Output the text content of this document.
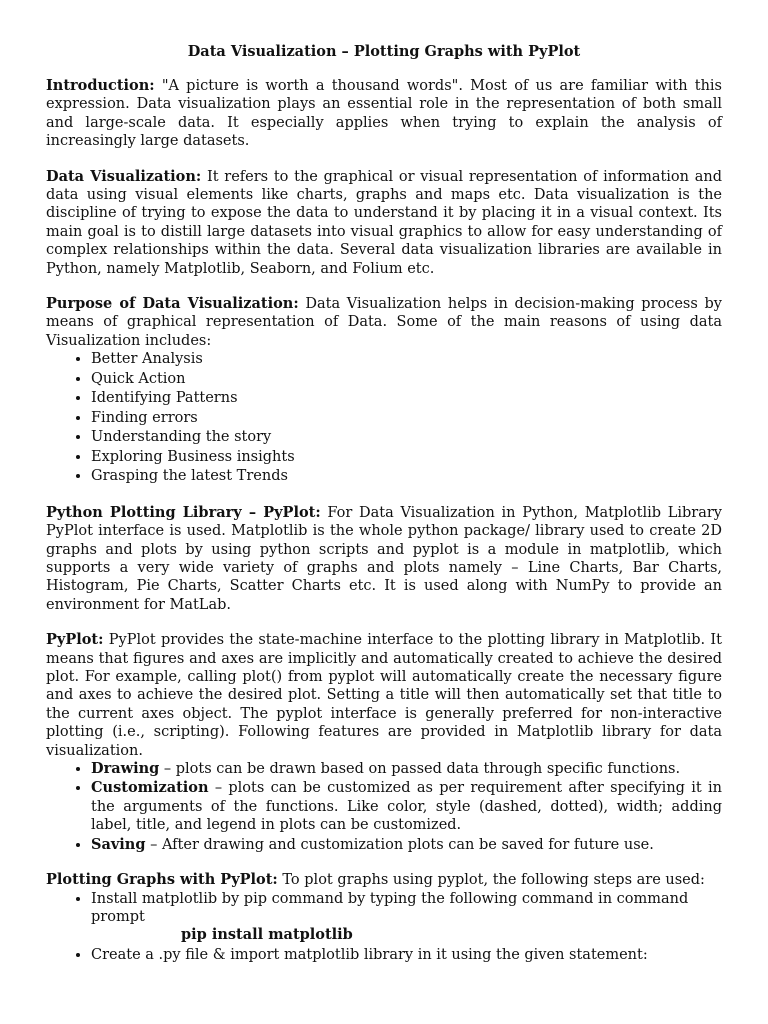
Data Visualization – Plotting Graphs with PyPlot

Introduction: "A picture is worth a thousand words". Most of us are familiar with this expression. Data visualization plays an essential role in the representation of both small and large-scale data. It especially applies when trying to explain the analysis of increasingly large datasets.

Data Visualization: It refers to the graphical or visual representation of information and data using visual elements like charts, graphs and maps etc. Data visualization is the discipline of trying to expose the data to understand it by placing it in a visual context. Its main goal is to distill large datasets into visual graphics to allow for easy understanding of complex relationships within the data. Several data visualization libraries are available in Python, namely Matplotlib, Seaborn, and Folium etc.

Purpose of Data Visualization: Data Visualization helps in decision-making process by means of graphical representation of Data. Some of the main reasons of using data Visualization includes:

• Better Analysis
• Quick Action
• Identifying Patterns
• Finding errors
• Understanding the story
• Exploring Business insights
• Grasping the latest Trends

Python Plotting Library – PyPlot: For Data Visualization in Python, Matplotlib Library PyPlot interface is used. Matplotlib is the whole python package/ library used to create 2D graphs and plots by using python scripts and pyplot is a module in matplotlib, which supports a very wide variety of graphs and plots namely – Line Charts, Bar Charts, Histogram, Pie Charts, Scatter Charts etc. It is used along with NumPy to provide an environment for MatLab.

PyPlot: PyPlot provides the state-machine interface to the plotting library in Matplotlib. It means that figures and axes are implicitly and automatically created to achieve the desired plot. For example, calling plot() from pyplot will automatically create the necessary figure and axes to achieve the desired plot. Setting a title will then automatically set that title to the current axes object. The pyplot interface is generally preferred for non-interactive plotting (i.e., scripting). Following features are provided in Matplotlib library for data visualization.

• Drawing – plots can be drawn based on passed data through specific functions.
• Customization – plots can be customized as per requirement after specifying it in the arguments of the functions. Like color, style (dashed, dotted), width; adding label, title, and legend in plots can be customized.
• Saving – After drawing and customization plots can be saved for future use.

Plotting Graphs with PyPlot: To plot graphs using pyplot, the following steps are used:

• Install matplotlib by pip command by typing the following command in command prompt
pip install matplotlib
• Create a .py file & import matplotlib library in it using the given statement:
